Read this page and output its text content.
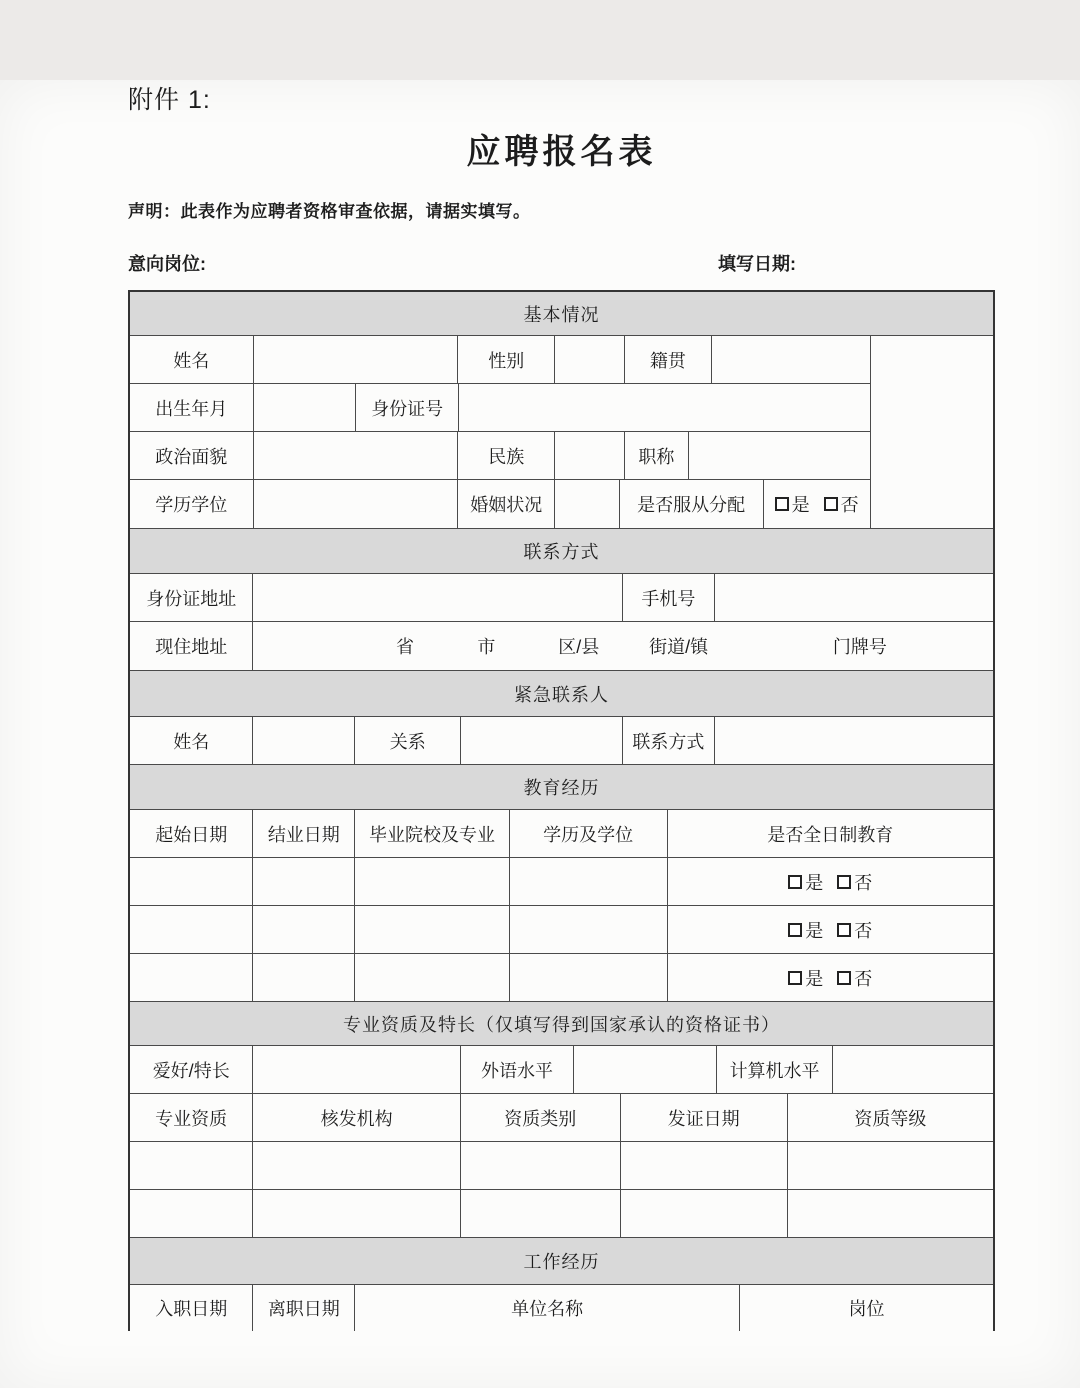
附件 1:
应聘报名表
声明：此表作为应聘者资格审查依据，请据实填写。
意向岗位:	填写日期:
基本情况
姓名	性别	籍贯
出生年月	身份证号
政治面貌	民族	职称
学历学位	婚姻状况	是否服从分配	是 否
联系方式
身份证地址	手机号
现住地址	省	市	区/县	街道/镇	门牌号
紧急联系人
姓名	关系	联系方式
教育经历
起始日期	结业日期	毕业院校及专业	学历及学位	是否全日制教育
是 否
是 否
是 否
专业资质及特长（仅填写得到国家承认的资格证书）
爱好/特长	外语水平	计算机水平
专业资质	核发机构	资质类别	发证日期	资质等级
工作经历
入职日期	离职日期	单位名称	岗位
